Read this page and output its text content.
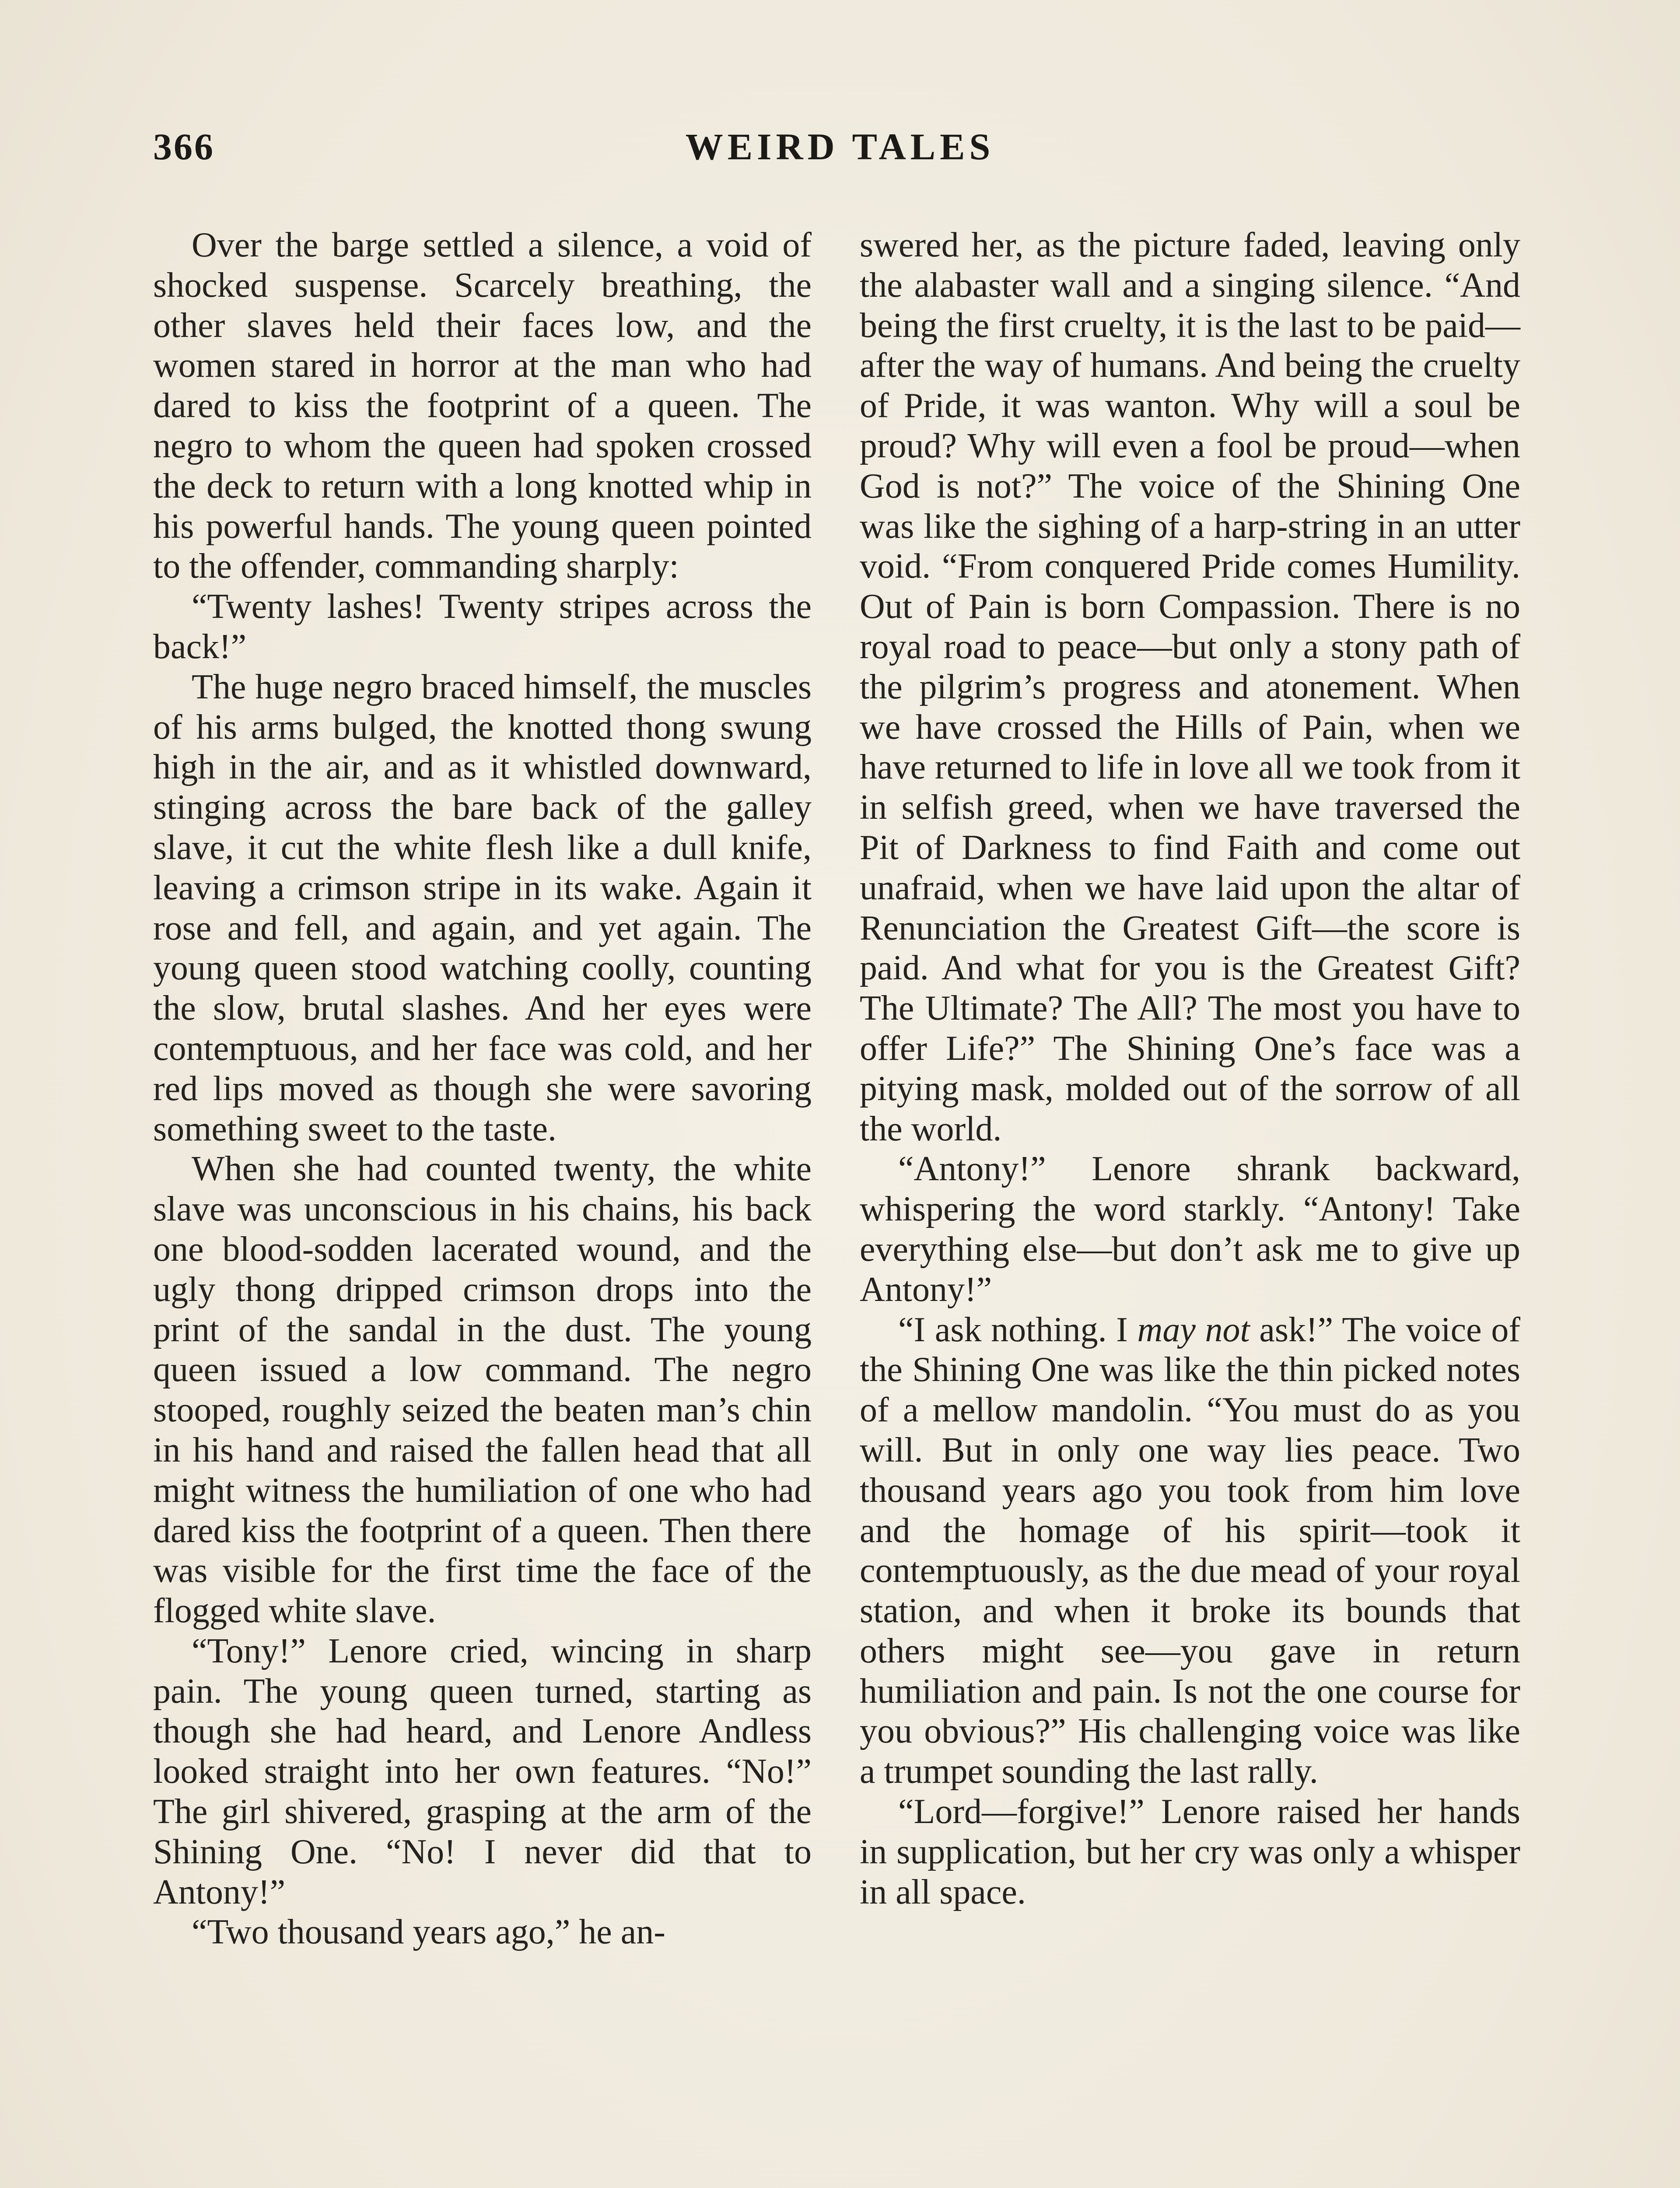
366	WEIRD TALES

Over the barge settled a silence, a void of shocked suspense. Scarcely breathing, the other slaves held their faces low, and the women stared in horror at the man who had dared to kiss the footprint of a queen. The negro to whom the queen had spoken crossed the deck to return with a long knotted whip in his powerful hands. The young queen pointed to the offender, commanding sharply:

“Twenty lashes! Twenty stripes across the back!”

The huge negro braced himself, the muscles of his arms bulged, the knotted thong swung high in the air, and as it whistled downward, stinging across the bare back of the galley slave, it cut the white flesh like a dull knife, leaving a crimson stripe in its wake. Again it rose and fell, and again, and yet again. The young queen stood watching coolly, counting the slow, brutal slashes. And her eyes were contemptuous, and her face was cold, and her red lips moved as though she were savoring something sweet to the taste.

When she had counted twenty, the white slave was unconscious in his chains, his back one blood-sodden lacerated wound, and the ugly thong dripped crimson drops into the print of the sandal in the dust. The young queen issued a low command. The negro stooped, roughly seized the beaten man’s chin in his hand and raised the fallen head that all might witness the humiliation of one who had dared kiss the footprint of a queen. Then there was visible for the first time the face of the flogged white slave.

“Tony!” Lenore cried, wincing in sharp pain. The young queen turned, starting as though she had heard, and Lenore Andless looked straight into her own features. “No!” The girl shivered, grasping at the arm of the Shining One. “No! I never did that to Antony!”

“Two thousand years ago,” he an-

swered her, as the picture faded, leaving only the alabaster wall and a singing silence. “And being the first cruelty, it is the last to be paid—after the way of humans. And being the cruelty of Pride, it was wanton. Why will a soul be proud? Why will even a fool be proud—when God is not?” The voice of the Shining One was like the sighing of a harp-string in an utter void. “From conquered Pride comes Humility. Out of Pain is born Compassion. There is no royal road to peace—but only a stony path of the pilgrim’s progress and atonement. When we have crossed the Hills of Pain, when we have returned to life in love all we took from it in selfish greed, when we have traversed the Pit of Darkness to find Faith and come out unafraid, when we have laid upon the altar of Renunciation the Greatest Gift—the score is paid. And what for you is the Greatest Gift? The Ultimate? The All? The most you have to offer Life?” The Shining One’s face was a pitying mask, molded out of the sorrow of all the world.

“Antony!” Lenore shrank backward, whispering the word starkly. “Antony! Take everything else—but don’t ask me to give up Antony!”

“I ask nothing. I may not ask!” The voice of the Shining One was like the thin picked notes of a mellow mandolin. “You must do as you will. But in only one way lies peace. Two thousand years ago you took from him love and the homage of his spirit—took it contemptuously, as the due mead of your royal station, and when it broke its bounds that others might see—you gave in return humiliation and pain. Is not the one course for you obvious?” His challenging voice was like a trumpet sounding the last rally.

“Lord—forgive!” Lenore raised her hands in supplication, but her cry was only a whisper in all space.
